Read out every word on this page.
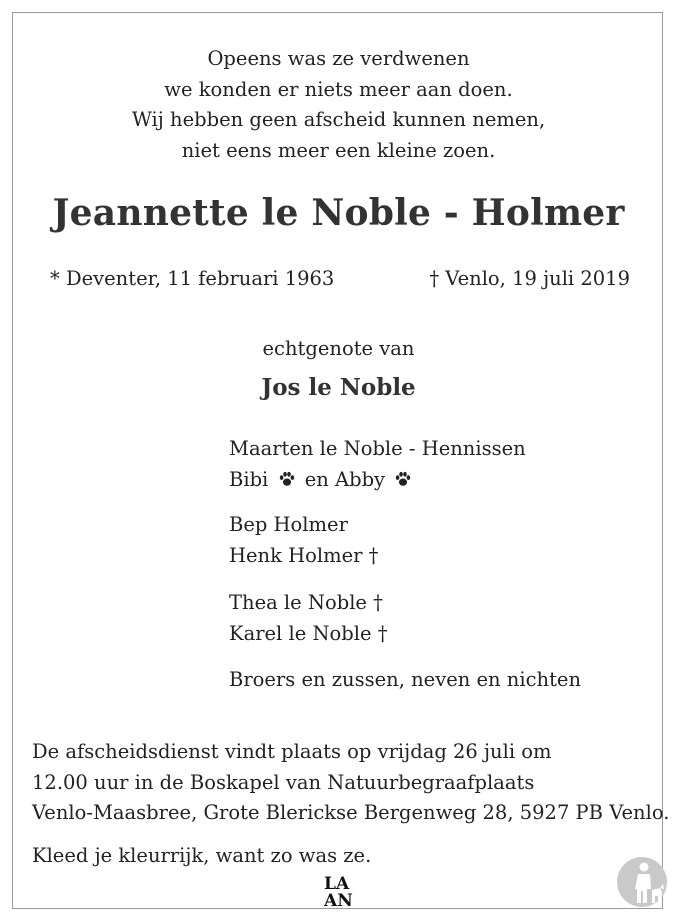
Opeens was ze verdwenen
we konden er niets meer aan doen.
Wij hebben geen afscheid kunnen nemen,
niet eens meer een kleine zoen.
Jeannette le Noble - Holmer
* Deventer, 11 februari 1963	† Venlo, 19 juli 2019
echtgenote van
Jos le Noble
Maarten le Noble - Hennissen
Bibi en Abby
Bep Holmer
Henk Holmer †
Thea le Noble †
Karel le Noble †
Broers en zussen, neven en nichten
De afscheidsdienst vindt plaats op vrijdag 26 juli om
12.00 uur in de Boskapel van Natuurbegraafplaats
Venlo-Maasbree, Grote Blerickse Bergenweg 28, 5927 PB Venlo.
Kleed je kleurrijk, want zo was ze.
LA
AN
